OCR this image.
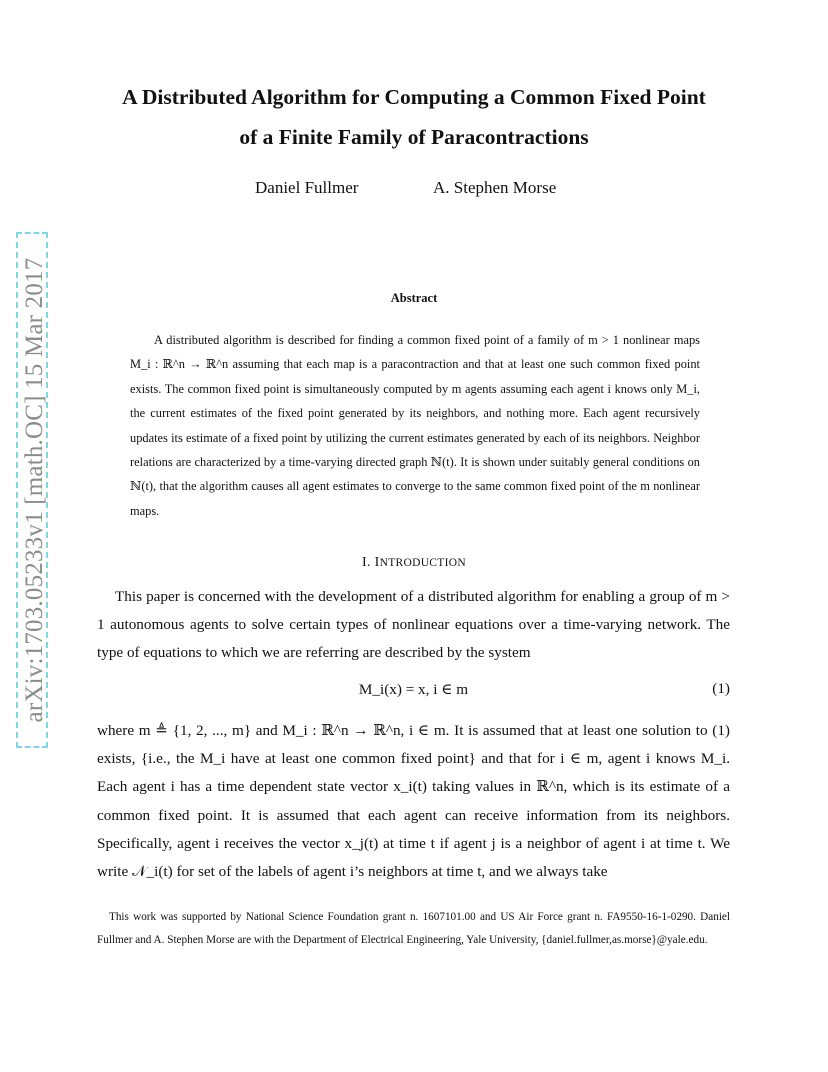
arXiv:1703.05233v1 [math.OC] 15 Mar 2017
A Distributed Algorithm for Computing a Common Fixed Point
of a Finite Family of Paracontractions
Daniel Fullmer	A. Stephen Morse
Abstract

A distributed algorithm is described for finding a common fixed point of a family of m > 1 nonlinear maps M_i : ℝ^n → ℝ^n assuming that each map is a paracontraction and that at least one such common fixed point exists. The common fixed point is simultaneously computed by m agents assuming each agent i knows only M_i, the current estimates of the fixed point generated by its neighbors, and nothing more. Each agent recursively updates its estimate of a fixed point by utilizing the current estimates generated by each of its neighbors. Neighbor relations are characterized by a time-varying directed graph ℕ(t). It is shown under suitably general conditions on ℕ(t), that the algorithm causes all agent estimates to converge to the same common fixed point of the m nonlinear maps.

I. INTRODUCTION

This paper is concerned with the development of a distributed algorithm for enabling a group of m > 1 autonomous agents to solve certain types of nonlinear equations over a time-varying network. The type of equations to which we are referring are described by the system

M_i(x) = x, i ∈ m	(1)

where m ≜ {1, 2, ..., m} and M_i : ℝ^n → ℝ^n, i ∈ m. It is assumed that at least one solution to (1) exists, {i.e., the M_i have at least one common fixed point} and that for i ∈ m, agent i knows M_i. Each agent i has a time dependent state vector x_i(t) taking values in ℝ^n, which is its estimate of a common fixed point. It is assumed that each agent can receive information from its neighbors. Specifically, agent i receives the vector x_j(t) at time t if agent j is a neighbor of agent i at time t. We write 𝒩_i(t) for set of the labels of agent i’s neighbors at time t, and we always take

This work was supported by National Science Foundation grant n. 1607101.00 and US Air Force grant n. FA9550-16-1-0290. Daniel Fullmer and A. Stephen Morse are with the Department of Electrical Engineering, Yale University, {daniel.fullmer,as.morse}@yale.edu.
